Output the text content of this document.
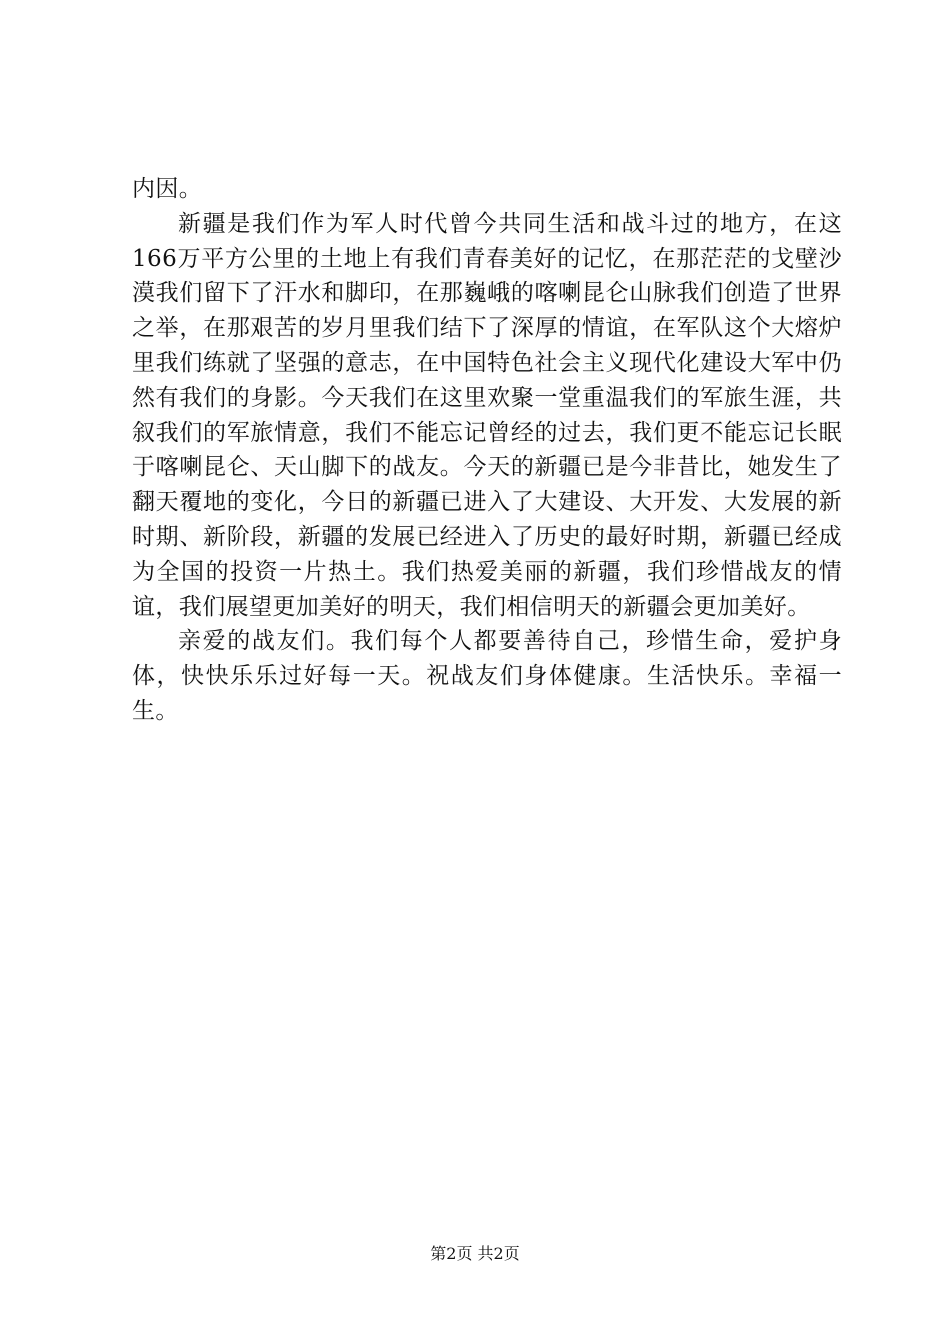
内因。

新疆是我们作为军人时代曾今共同生活和战斗过的地方，在这166万平方公里的土地上有我们青春美好的记忆，在那茫茫的戈壁沙漠我们留下了汗水和脚印，在那巍峨的喀喇昆仑山脉我们创造了世界之举，在那艰苦的岁月里我们结下了深厚的情谊，在军队这个大熔炉里我们练就了坚强的意志，在中国特色社会主义现代化建设大军中仍然有我们的身影。今天我们在这里欢聚一堂重温我们的军旅生涯，共叙我们的军旅情意，我们不能忘记曾经的过去，我们更不能忘记长眠于喀喇昆仑、天山脚下的战友。今天的新疆已是今非昔比，她发生了翻天覆地的变化，今日的新疆已进入了大建设、大开发、大发展的新时期、新阶段，新疆的发展已经进入了历史的最好时期，新疆已经成为全国的投资一片热土。我们热爱美丽的新疆，我们珍惜战友的情谊，我们展望更加美好的明天，我们相信明天的新疆会更加美好。

亲爱的战友们。我们每个人都要善待自己，珍惜生命，爱护身体，快快乐乐过好每一天。祝战友们身体健康。生活快乐。幸福一生。

第2页 共2页
